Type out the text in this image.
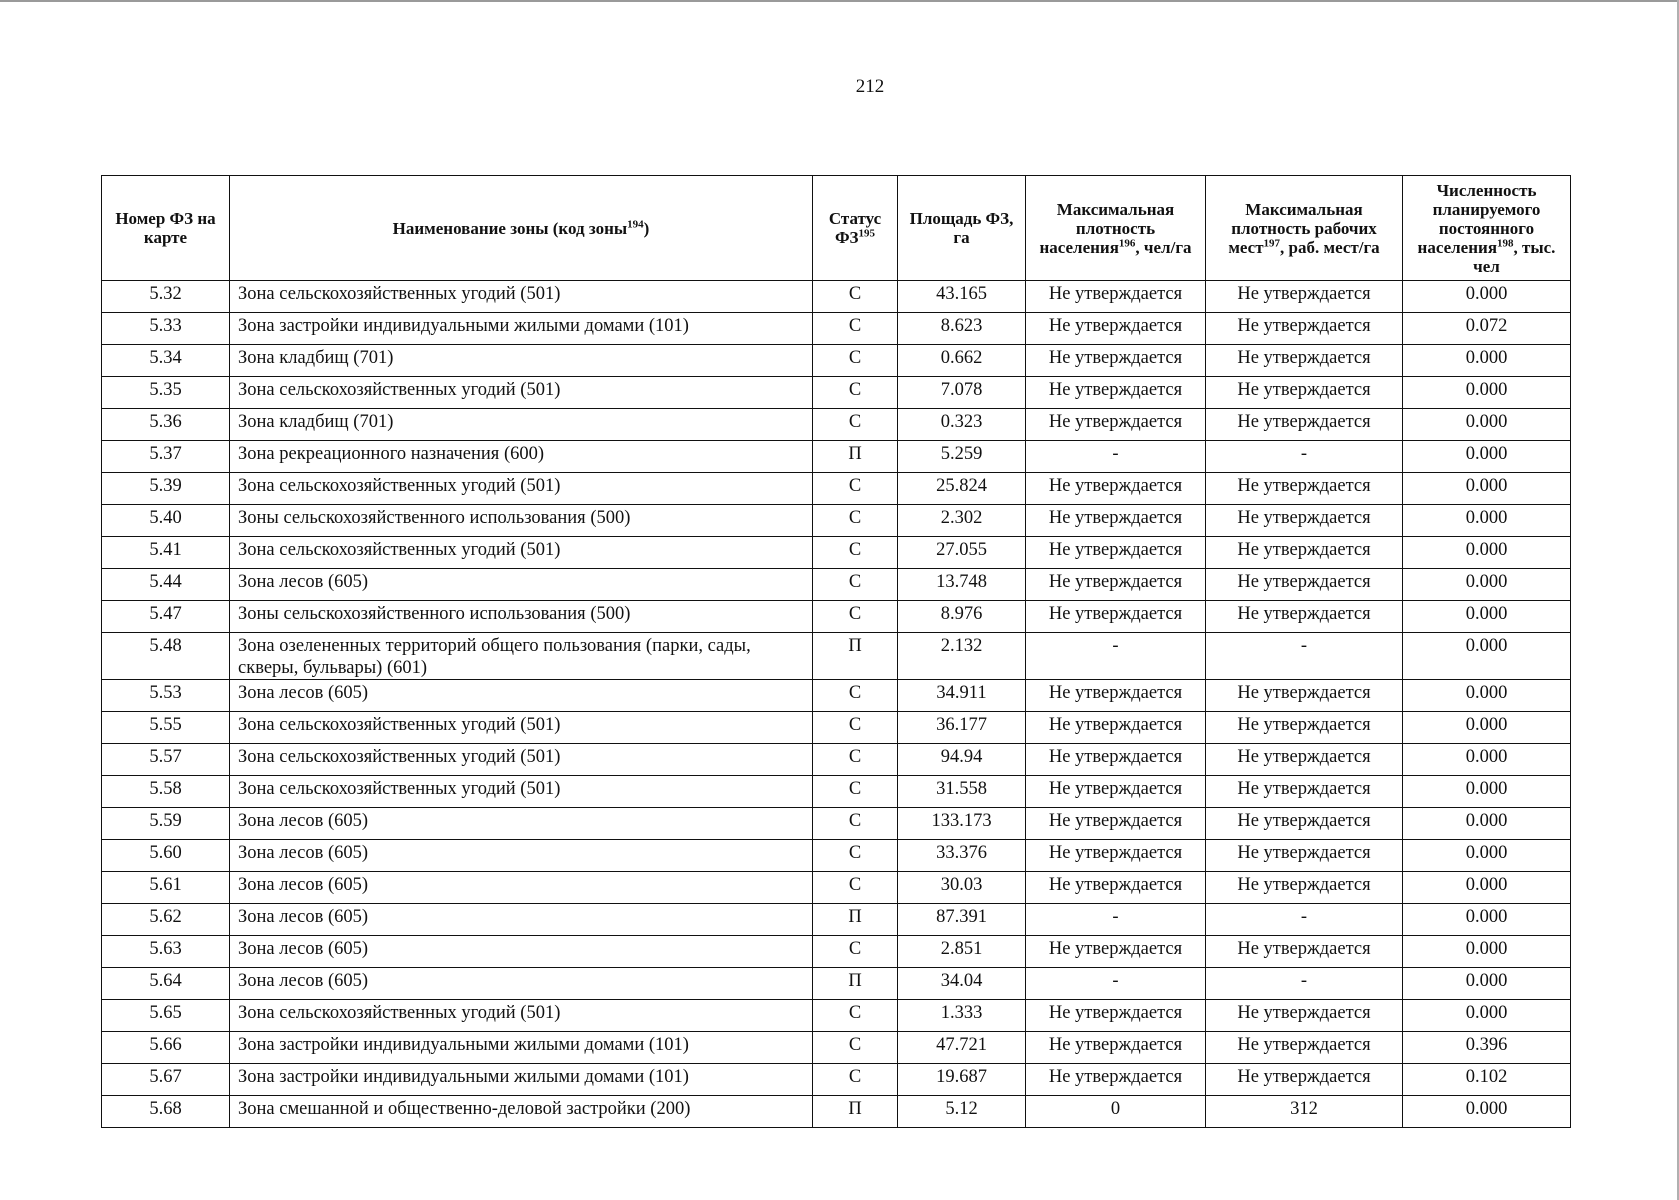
212
Номер ФЗ на карте	Наименование зоны (код зоны$^{194}$)	Статус ФЗ$^{195}$	Площадь ФЗ, га	Максимальная плотность населения$^{196}$, чел/га	Максимальная плотность рабочих мест$^{197}$, раб. мест/га	Численность планируемого постоянного населения$^{198}$, тыс. чел
5.32	Зона сельскохозяйственных угодий (501)	С	43.165	Не утверждается	Не утверждается	0.000
5.33	Зона застройки индивидуальными жилыми домами (101)	С	8.623	Не утверждается	Не утверждается	0.072
5.34	Зона кладбищ (701)	С	0.662	Не утверждается	Не утверждается	0.000
5.35	Зона сельскохозяйственных угодий (501)	С	7.078	Не утверждается	Не утверждается	0.000
5.36	Зона кладбищ (701)	С	0.323	Не утверждается	Не утверждается	0.000
5.37	Зона рекреационного назначения (600)	П	5.259	-	-	0.000
5.39	Зона сельскохозяйственных угодий (501)	С	25.824	Не утверждается	Не утверждается	0.000
5.40	Зоны сельскохозяйственного использования (500)	С	2.302	Не утверждается	Не утверждается	0.000
5.41	Зона сельскохозяйственных угодий (501)	С	27.055	Не утверждается	Не утверждается	0.000
5.44	Зона лесов (605)	С	13.748	Не утверждается	Не утверждается	0.000
5.47	Зоны сельскохозяйственного использования (500)	С	8.976	Не утверждается	Не утверждается	0.000
5.48	Зона озелененных территорий общего пользования (парки, сады, скверы, бульвары) (601)	П	2.132	-	-	0.000
5.53	Зона лесов (605)	С	34.911	Не утверждается	Не утверждается	0.000
5.55	Зона сельскохозяйственных угодий (501)	С	36.177	Не утверждается	Не утверждается	0.000
5.57	Зона сельскохозяйственных угодий (501)	С	94.94	Не утверждается	Не утверждается	0.000
5.58	Зона сельскохозяйственных угодий (501)	С	31.558	Не утверждается	Не утверждается	0.000
5.59	Зона лесов (605)	С	133.173	Не утверждается	Не утверждается	0.000
5.60	Зона лесов (605)	С	33.376	Не утверждается	Не утверждается	0.000
5.61	Зона лесов (605)	С	30.03	Не утверждается	Не утверждается	0.000
5.62	Зона лесов (605)	П	87.391	-	-	0.000
5.63	Зона лесов (605)	С	2.851	Не утверждается	Не утверждается	0.000
5.64	Зона лесов (605)	П	34.04	-	-	0.000
5.65	Зона сельскохозяйственных угодий (501)	С	1.333	Не утверждается	Не утверждается	0.000
5.66	Зона застройки индивидуальными жилыми домами (101)	С	47.721	Не утверждается	Не утверждается	0.396
5.67	Зона застройки индивидуальными жилыми домами (101)	С	19.687	Не утверждается	Не утверждается	0.102
5.68	Зона смешанной и общественно-деловой застройки (200)	П	5.12	0	312	0.000
